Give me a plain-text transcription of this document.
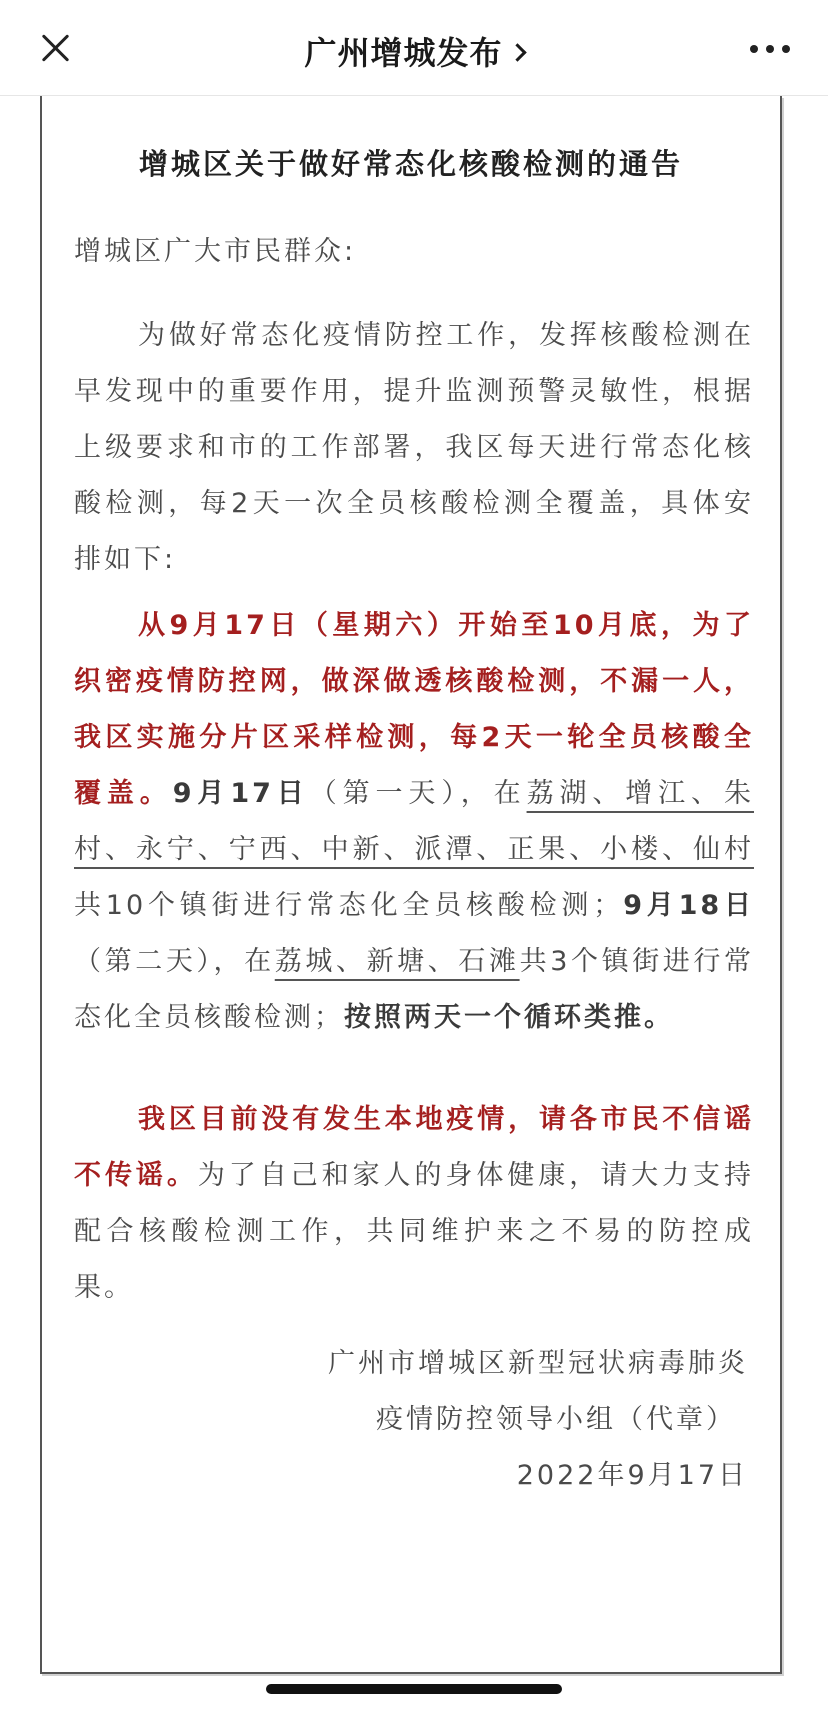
广州增城发布
增城区关于做好常态化核酸检测的通告

增城区广大市民群众:

为做好常态化疫情防控工作，发挥核酸检测在早发现中的重要作用，提升监测预警灵敏性，根据上级要求和市的工作部署，我区每天进行常态化核酸检测，每2天一次全员核酸检测全覆盖，具体安排如下:

从9月17日（星期六）开始至10月底，为了织密疫情防控网，做深做透核酸检测，不漏一人，我区实施分片区采样检测，每2天一轮全员核酸全覆盖。9月17日（第一天），在荔湖、增江、朱村、永宁、宁西、中新、派潭、正果、小楼、仙村共10个镇街进行常态化全员核酸检测；9月18日（第二天），在荔城、新塘、石滩共3个镇街进行常态化全员核酸检测；按照两天一个循环类推。

我区目前没有发生本地疫情，请各市民不信谣不传谣。为了自己和家人的身体健康，请大力支持配合核酸检测工作，共同维护来之不易的防控成果。

广州市增城区新型冠状病毒肺炎
疫情防控领导小组（代章）
2022年9月17日
